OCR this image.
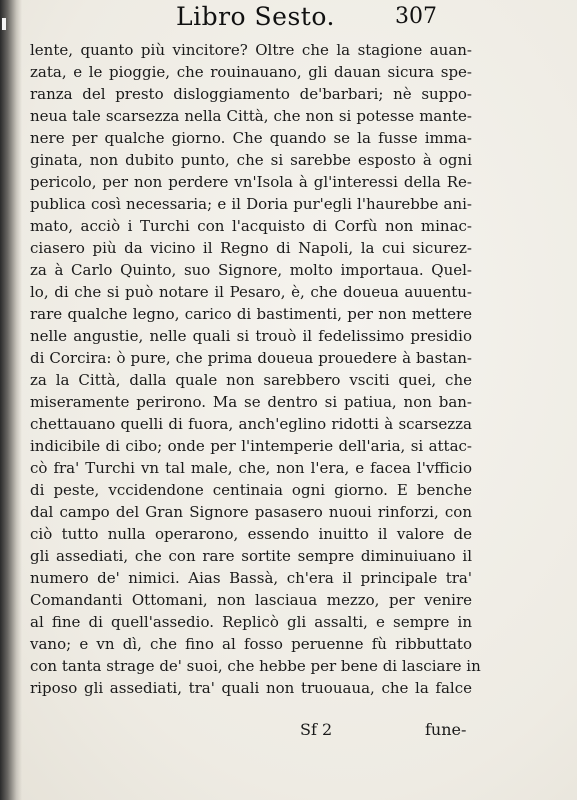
Libro Sesto.	307
lente, quanto più vincitore? Oltre che la stagione auan-
zata, e le pioggie, che rouinauano, gli dauan sicura spe-
ranza del presto disloggiamento de'barbari; nè suppo-
neua tale scarsezza nella Città, che non si potesse mante-
nere per qualche giorno. Che quando se la fusse imma-
ginata, non dubito punto, che si sarebbe esposto à ogni
pericolo, per non perdere vn'Isola à gl'interessi della Re-
publica così necessaria; e il Doria pur'egli l'haurebbe ani-
mato, acciò i Turchi con l'acquisto di Corfù non minac-
ciasero più da vicino il Regno di Napoli, la cui sicurez-
za à Carlo Quinto, suo Signore, molto importaua. Quel-
lo, di che si può notare il Pesaro, è, che doueua auuentu-
rare qualche legno, carico di bastimenti, per non mettere
nelle angustie, nelle quali si trouò il fedelissimo presidio
di Corcira: ò pure, che prima doueua prouedere à bastan-
za la Città, dalla quale non sarebbero vsciti quei, che
miseramente perirono. Ma se dentro si patiua, non ban-
chettauano quelli di fuora, anch'eglino ridotti à scarsezza
indicibile di cibo; onde per l'intemperie dell'aria, si attac-
cò fra' Turchi vn tal male, che, non l'era, e facea l'vfficio
di peste, vccidendone centinaia ogni giorno. E benche
dal campo del Gran Signore pasasero nuoui rinforzi, con
ciò tutto nulla operarono, essendo inuitto il valore de
gli assediati, che con rare sortite sempre diminuiuano il
numero de' nimici. Aias Bassà, ch'era il principale tra'
Comandanti Ottomani, non lasciaua mezzo, per venire
al fine di quell'assedio. Replicò gli assalti, e sempre in
vano; e vn dì, che fino al fosso peruenne fù ribbuttato
con tanta strage de' suoi, che hebbe per bene di lasciare in
riposo gli assediati, tra' quali non truouaua, che la falce
Sf 2	fune-
